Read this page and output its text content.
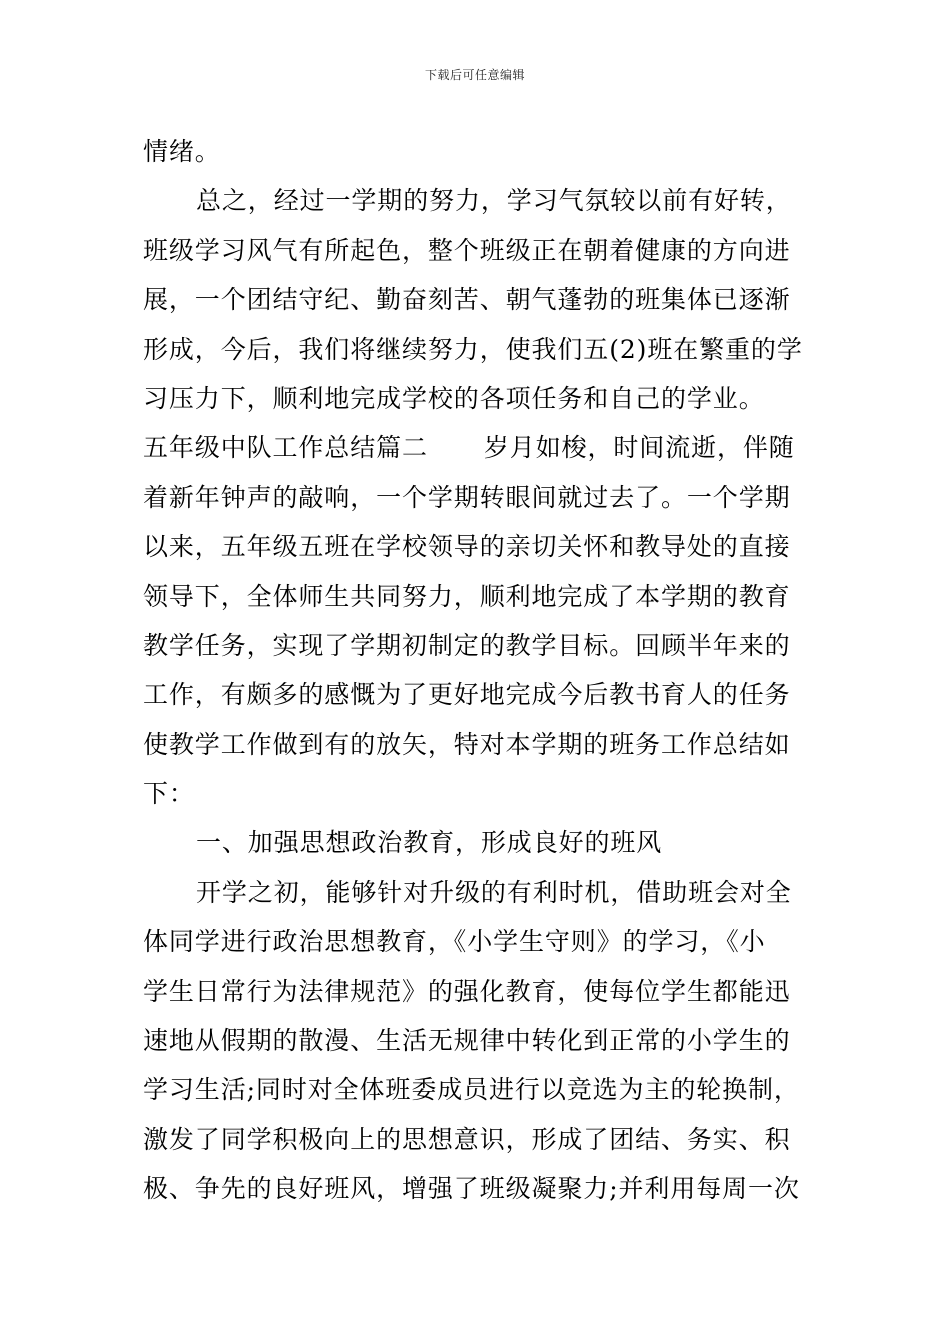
下载后可任意编辑
情绪。
总之，经过一学期的努力，学习气氛较以前有好转，
班级学习风气有所起色，整个班级正在朝着健康的方向进
展，一个团结守纪、勤奋刻苦、朝气蓬勃的班集体已逐渐
形成，今后，我们将继续努力，使我们五(2)班在繁重的学
习压力下，顺利地完成学校的各项任务和自己的学业。
五年级中队工作总结篇二 岁月如梭，时间流逝，伴随
着新年钟声的敲响，一个学期转眼间就过去了。一个学期
以来，五年级五班在学校领导的亲切关怀和教导处的直接
领导下，全体师生共同努力，顺利地完成了本学期的教育
教学任务，实现了学期初制定的教学目标。回顾半年来的
工作，有颇多的感慨为了更好地完成今后教书育人的任务
使教学工作做到有的放矢，特对本学期的班务工作总结如
下：
一、加强思想政治教育，形成良好的班风
开学之初，能够针对升级的有利时机，借助班会对全
体同学进行政治思想教育，《小学生守则》的学习，《小
学生日常行为法律规范》的强化教育，使每位学生都能迅
速地从假期的散漫、生活无规律中转化到正常的小学生的
学习生活;同时对全体班委成员进行以竞选为主的轮换制，
激发了同学积极向上的思想意识，形成了团结、务实、积
极、争先的良好班风，增强了班级凝聚力;并利用每周一次
